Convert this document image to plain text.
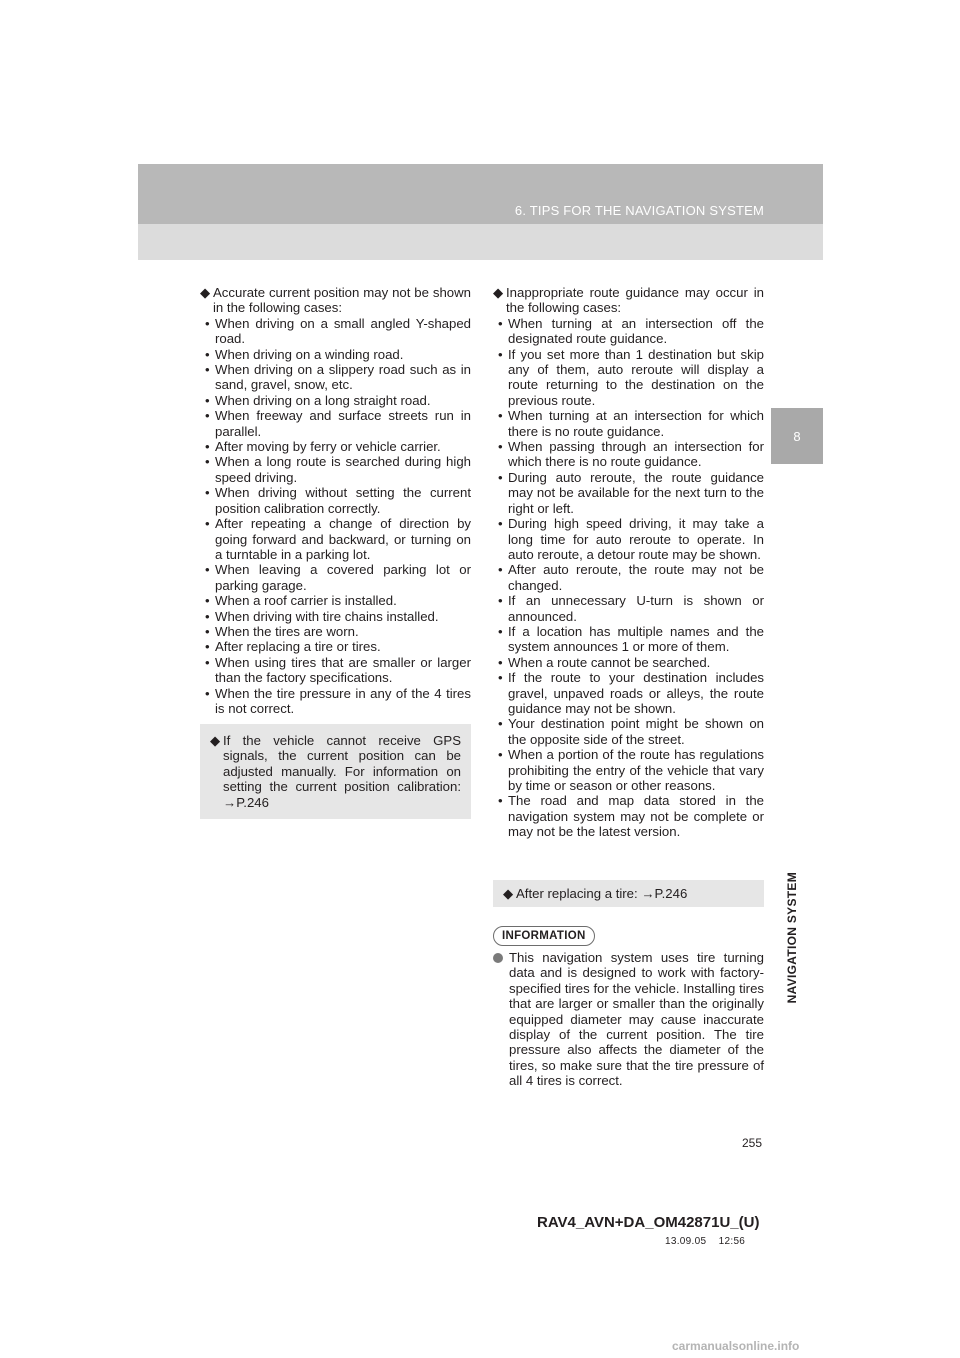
6. TIPS FOR THE NAVIGATION SYSTEM
8
NAVIGATION SYSTEM
◆ Accurate current position may not be shown in the following cases:
• When driving on a small angled Y-shaped road.
• When driving on a winding road.
• When driving on a slippery road such as in sand, gravel, snow, etc.
• When driving on a long straight road.
• When freeway and surface streets run in parallel.
• After moving by ferry or vehicle carrier.
• When a long route is searched during high speed driving.
• When driving without setting the current position calibration correctly.
• After repeating a change of direction by going forward and backward, or turning on a turntable in a parking lot.
• When leaving a covered parking lot or parking garage.
• When a roof carrier is installed.
• When driving with tire chains installed.
• When the tires are worn.
• After replacing a tire or tires.
• When using tires that are smaller or larger than the factory specifications.
• When the tire pressure in any of the 4 tires is not correct.
◆ If the vehicle cannot receive GPS signals, the current position can be adjusted manually. For information on setting the current position calibration: →P.246
◆ Inappropriate route guidance may occur in the following cases:
• When turning at an intersection off the designated route guidance.
• If you set more than 1 destination but skip any of them, auto reroute will display a route returning to the destination on the previous route.
• When turning at an intersection for which there is no route guidance.
• When passing through an intersection for which there is no route guidance.
• During auto reroute, the route guidance may not be available for the next turn to the right or left.
• During high speed driving, it may take a long time for auto reroute to operate. In auto reroute, a detour route may be shown.
• After auto reroute, the route may not be changed.
• If an unnecessary U-turn is shown or announced.
• If a location has multiple names and the system announces 1 or more of them.
• When a route cannot be searched.
• If the route to your destination includes gravel, unpaved roads or alleys, the route guidance may not be shown.
• Your destination point might be shown on the opposite side of the street.
• When a portion of the route has regulations prohibiting the entry of the vehicle that vary by time or season or other reasons.
• The road and map data stored in the navigation system may not be complete or may not be the latest version.
◆ After replacing a tire: →P.246
INFORMATION
This navigation system uses tire turning data and is designed to work with factory-specified tires for the vehicle. Installing tires that are larger or smaller than the originally equipped diameter may cause inaccurate display of the current position. The tire pressure also affects the diameter of the tires, so make sure that the tire pressure of all 4 tires is correct.
255
RAV4_AVN+DA_OM42871U_(U)
13.09.05    12:56
carmanualsonline.info
